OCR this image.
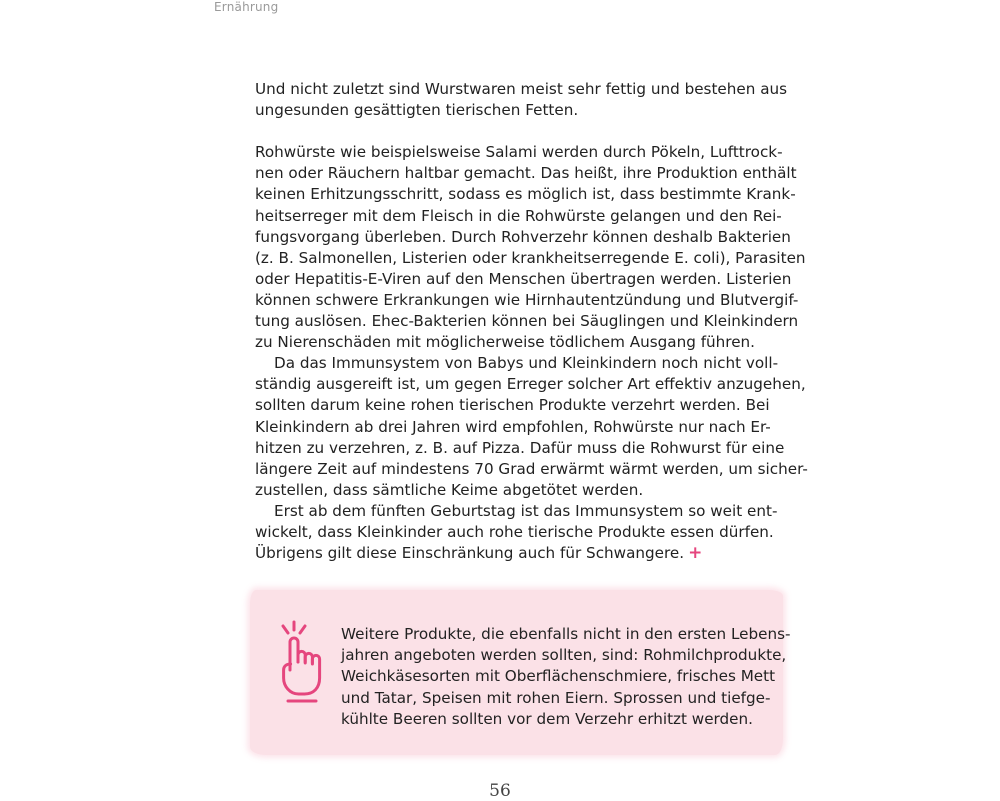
Ernährung
Und nicht zuletzt sind Wurstwaren meist sehr fettig und bestehen aus
ungesunden gesättigten tierischen Fetten.
Rohwürste wie beispielsweise Salami werden durch Pökeln, Lufttrock-
nen oder Räuchern haltbar gemacht. Das heißt, ihre Produktion enthält
keinen Erhitzungsschritt, sodass es möglich ist, dass bestimmte Krank-
heitserreger mit dem Fleisch in die Rohwürste gelangen und den Rei-
fungsvorgang überleben. Durch Rohverzehr können deshalb Bakterien
(z. B. Salmonellen, Listerien oder krankheitserregende E. coli), Parasiten
oder Hepatitis-E-Viren auf den Menschen übertragen werden. Listerien
können schwere Erkrankungen wie Hirnhautentzündung und Blutvergif-
tung auslösen. Ehec-Bakterien können bei Säuglingen und Kleinkindern
zu Nierenschäden mit möglicherweise tödlichem Ausgang führen.
Da das Immunsystem von Babys und Kleinkindern noch nicht voll-
ständig ausgereift ist, um gegen Erreger solcher Art effektiv anzugehen,
sollten darum keine rohen tierischen Produkte verzehrt werden. Bei
Kleinkindern ab drei Jahren wird empfohlen, Rohwürste nur nach Er-
hitzen zu verzehren, z. B. auf Pizza. Dafür muss die Rohwurst für eine
längere Zeit auf mindestens 70 Grad erwärmt wärmt werden, um sicher-
zustellen, dass sämtliche Keime abgetötet werden.
Erst ab dem fünften Geburtstag ist das Immunsystem so weit ent-
wickelt, dass Kleinkinder auch rohe tierische Produkte essen dürfen.
Übrigens gilt diese Einschränkung auch für Schwangere. +
Weitere Produkte, die ebenfalls nicht in den ersten Lebens-
jahren angeboten werden sollten, sind: Rohmilchprodukte,
Weichkäsesorten mit Oberflächenschmiere, frisches Mett
und Tatar, Speisen mit rohen Eiern. Sprossen und tiefge-
kühlte Beeren sollten vor dem Verzehr erhitzt werden.
56
